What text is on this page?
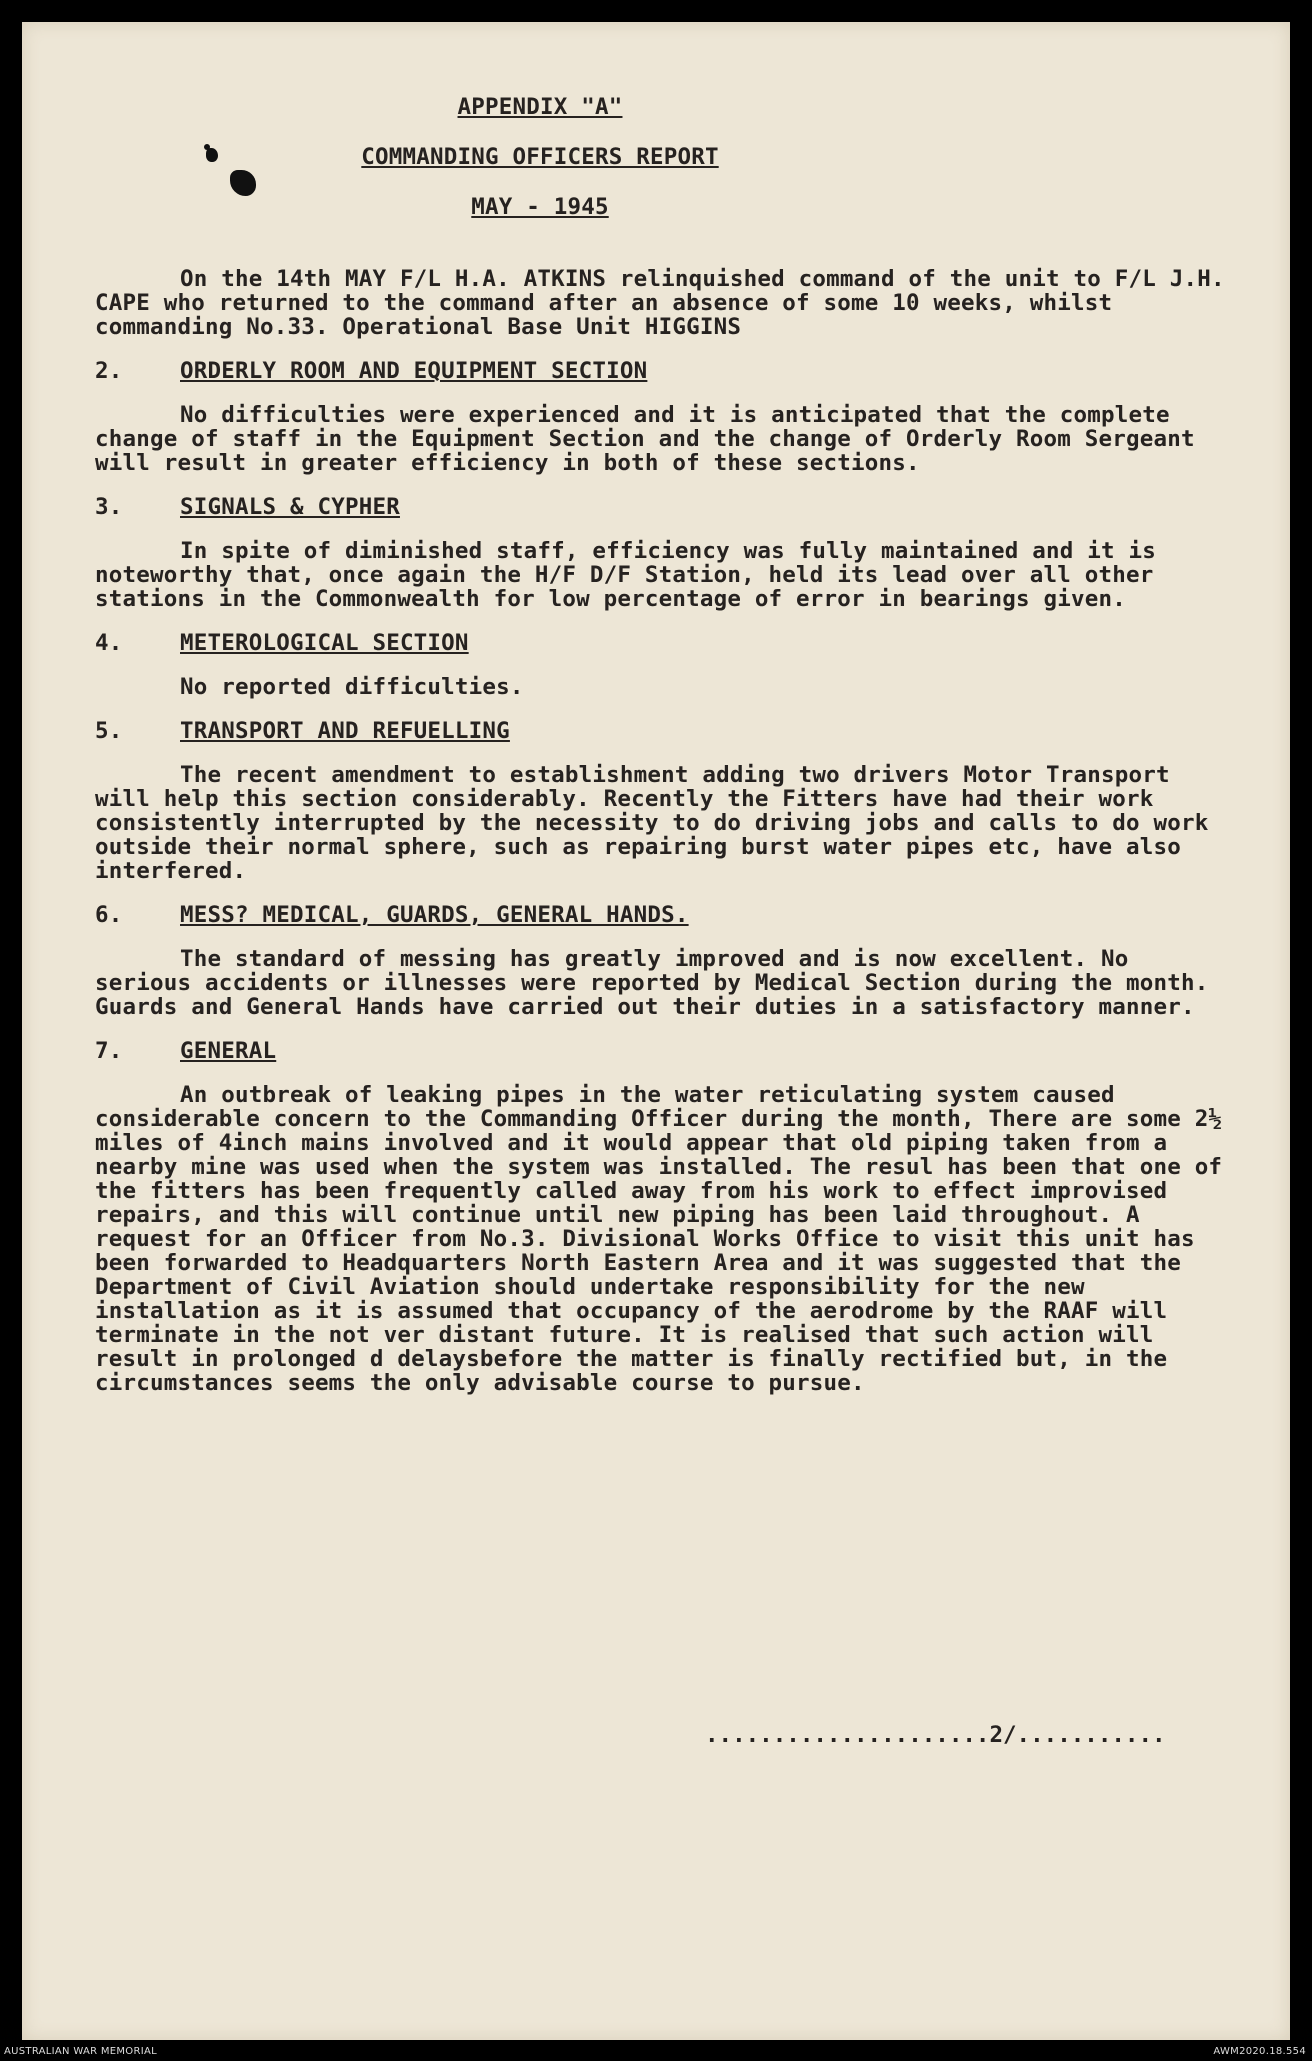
APPENDIX "A"
COMMANDING OFFICERS REPORT
MAY - 1945

On the 14th MAY F/L H.A. ATKINS relinquished command of the unit to F/L J.H. CAPE who returned to the command after an absence of some 10 weeks, whilst commanding No.33. Operational Base Unit HIGGINS

2.	ORDERLY ROOM AND EQUIPMENT SECTION

No difficulties were experienced and it is anticipated that the complete change of staff in the Equipment Section and the change of Orderly Room Sergeant will result in greater efficiency in both of these sections.

3.	SIGNALS & CYPHER

In spite of diminished staff, efficiency was fully maintained and it is noteworthy that, once again the H/F D/F Station, held its lead over all other stations in the Commonwealth for low percentage of error in bearings given.

4.	METEROLOGICAL SECTION

No reported difficulties.

5.	TRANSPORT AND REFUELLING

The recent amendment to establishment adding two drivers Motor Transport will help this section considerably. Recently the Fitters have had their work consistently interrupted by the necessity to do driving jobs and calls to do work outside their normal sphere, such as repairing burst water pipes etc, have also interfered.

6.	MESS? MEDICAL, GUARDS, GENERAL HANDS.

The standard of messing has greatly improved and is now excellent. No serious accidents or illnesses were reported by Medical Section during the month. Guards and General Hands have carried out their duties in a satisfactory manner.

7.	GENERAL

An outbreak of leaking pipes in the water reticulating system caused considerable concern to the Commanding Officer during the month, There are some 2½ miles of 4inch mains involved and it would appear that old piping taken from a nearby mine was used when the system was installed. The resul has been that one of the fitters has been frequently called away from his work to effect improvised repairs, and this will continue until new piping has been laid throughout. A request for an Officer from No.3. Divisional Works Office to visit this unit has been forwarded to Headquarters North Eastern Area and it was suggested that the Department of Civil Aviation should undertake responsibility for the new installation as it is assumed that occupancy of the aerodrome by the RAAF will terminate in the not ver distant future. It is realised that such action will result in prolonged d delaysbefore the matter is finally rectified but, in the circumstances seems the only advisable course to pursue.

.....................2/...........
AUSTRALIAN WAR MEMORIAL	AWM2020.18.554
